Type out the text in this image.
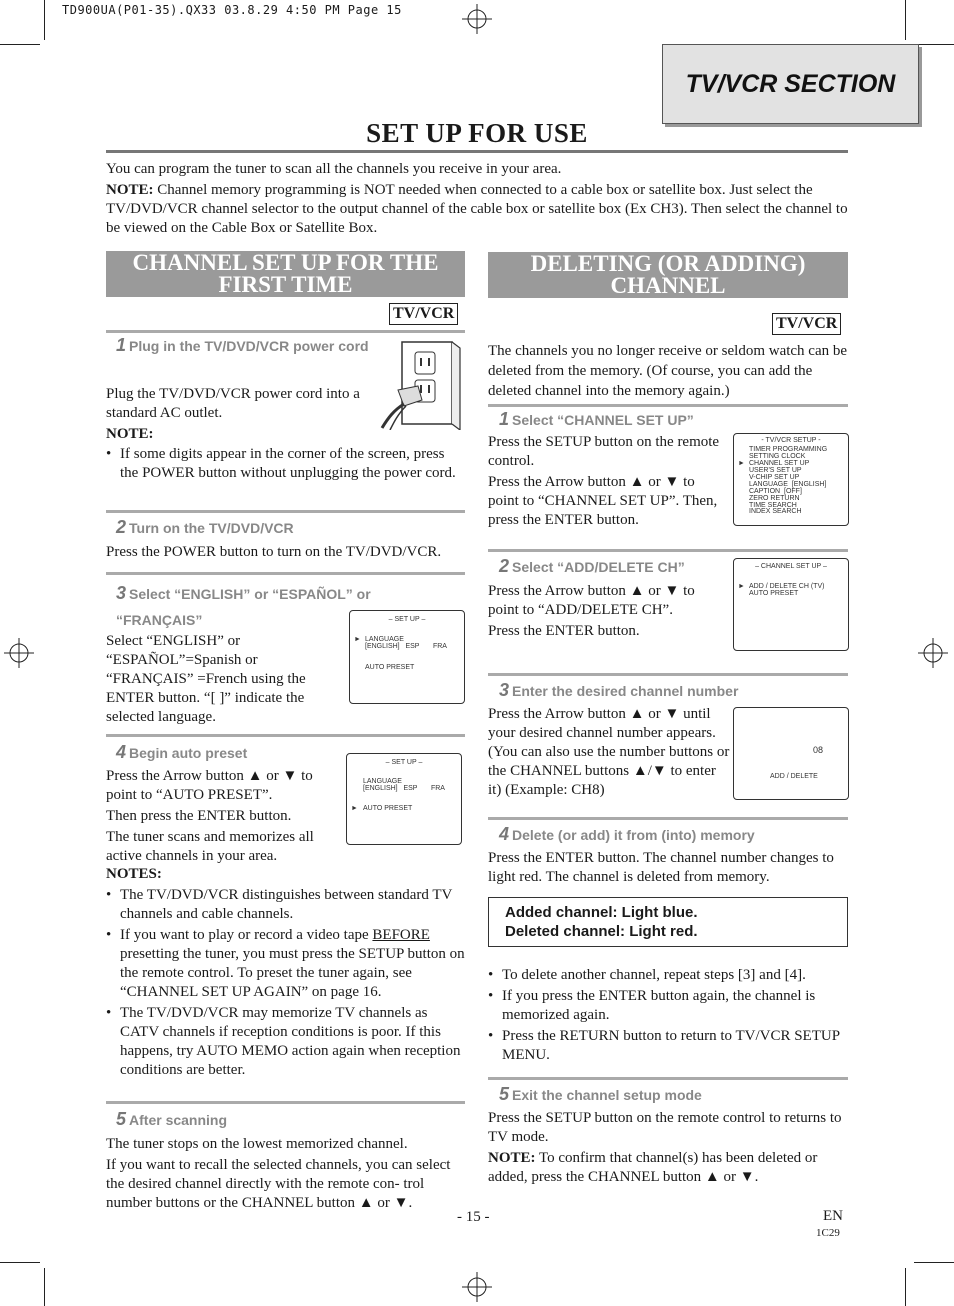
TD900UA(P01-35).QX33 03.8.29 4:50 PM Page 15
TV/VCR SECTION
SET UP FOR USE
You can program the tuner to scan all the channels you receive in your area.
NOTE: Channel memory programming is NOT needed when connected to a cable box or satellite box. Just select the TV/DVD/VCR channel selector to the output channel of the cable box or satellite box (Ex CH3). Then select the channel to be viewed on the Cable Box or Satellite Box.
CHANNEL SET UP FOR THE FIRST TIME
TV/VCR
1 Plug in the TV/DVD/VCR power cord
Plug the TV/DVD/VCR power cord into a standard AC outlet.
NOTE:
• If some digits appear in the corner of the screen, press the POWER button without unplugging the power cord.
2 Turn on the TV/DVD/VCR
Press the POWER button to turn on the TV/DVD/VCR.
3 Select “ENGLISH” or “ESPAÑOL” or “FRANÇAIS”
Select “ENGLISH” or “ESPAÑOL”=Spanish or “FRANÇAIS” =French using the ENTER button. “[ ]” indicate the selected language.
– SET UP –
► LANGUAGE
[ENGLISH]   ESP       FRA
AUTO PRESET
4 Begin auto preset
Press the Arrow button ▲ or ▼ to point to “AUTO PRESET”.
Then press the ENTER button.
The tuner scans and memorizes all active channels in your area.
– SET UP –
LANGUAGE
[ENGLISH]   ESP       FRA
► AUTO PRESET
NOTES:
• The TV/DVD/VCR distinguishes between standard TV channels and cable channels.
• If you want to play or record a video tape BEFORE presetting the tuner, you must press the SETUP button on the remote control. To preset the tuner again, see “CHANNEL SET UP AGAIN” on page 16.
• The TV/DVD/VCR may memorize TV channels as CATV channels if reception conditions is poor. If this happens, try AUTO MEMO action again when reception conditions are better.
5 After scanning
The tuner stops on the lowest memorized channel.
If you want to recall the selected channels, you can select the desired channel directly with the remote con- trol number buttons or the CHANNEL button ▲ or ▼.
DELETING (OR ADDING) CHANNEL
TV/VCR
The channels you no longer receive or seldom watch can be deleted from the memory. (Of course, you can add the deleted channel into the memory again.)
1 Select “CHANNEL SET UP”
Press the SETUP button on the remote control.
Press the Arrow button ▲ or ▼ to point to “CHANNEL SET UP”. Then, press the ENTER button.
- TV/VCR SETUP -
►
TIMER PROGRAMMING
SETTING CLOCK
CHANNEL SET UP
USER'S SET UP
V-CHIP SET UP
LANGUAGE  [ENGLISH]
CAPTION  [OFF]
ZERO RETURN
TIME SEARCH
INDEX SEARCH
2 Select “ADD/DELETE CH”
Press the Arrow button ▲ or ▼ to point to “ADD/DELETE CH”.
Press the ENTER button.
– CHANNEL SET UP –
► ADD / DELETE CH (TV)
AUTO PRESET
3 Enter the desired channel number
Press the Arrow button ▲ or ▼ until your desired channel number appears. (You can also use the number buttons or the CHANNEL buttons ▲/▼ to enter it) (Example: CH8)
08
ADD / DELETE
4 Delete (or add) it from (into) memory
Press the ENTER button. The channel number changes to light red. The channel is deleted from memory.
Added channel: Light blue.
Deleted channel: Light red.
• To delete another channel, repeat steps [3] and [4].
• If you press the ENTER button again, the channel is memorized again.
• Press the RETURN button to return to TV/VCR SETUP MENU.
5 Exit the channel setup mode
Press the SETUP button on the remote control to returns to TV mode.
NOTE: To confirm that channel(s) has been deleted or added, press the CHANNEL button ▲ or ▼.
- 15 -	EN
1C29
